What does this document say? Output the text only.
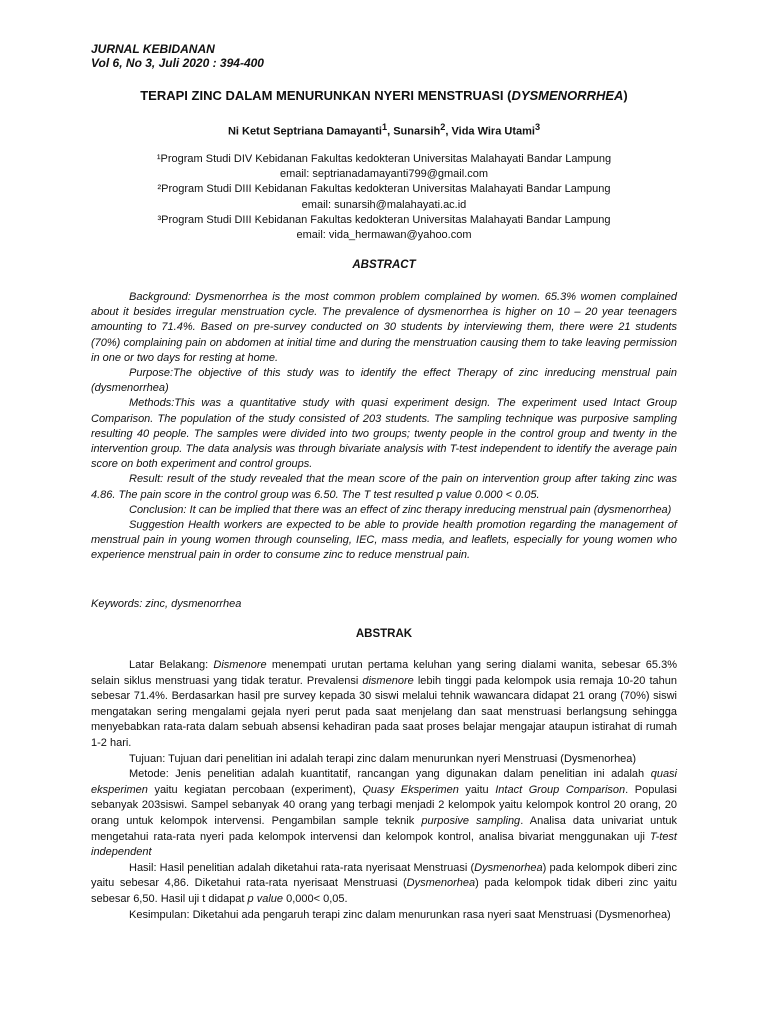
JURNAL KEBIDANAN
Vol 6, No 3, Juli 2020 : 394-400
TERAPI ZINC DALAM MENURUNKAN NYERI MENSTRUASI (DYSMENORRHEA)
Ni Ketut Septriana Damayanti$^1$, Sunarsih$^2$, Vida Wira Utami$^3$
¹Program Studi DIV Kebidanan Fakultas kedokteran Universitas Malahayati Bandar Lampung
email: septrianadamayanti799@gmail.com
²Program Studi DIII Kebidanan Fakultas kedokteran Universitas Malahayati Bandar Lampung
email: sunarsih@malahayati.ac.id
³Program Studi DIII Kebidanan Fakultas kedokteran Universitas Malahayati Bandar Lampung
email: vida_hermawan@yahoo.com
ABSTRACT

Background: Dysmenorrhea is the most common problem complained by women. 65.3% women complained about it besides irregular menstruation cycle. The prevalence of dysmenorrhea is higher on 10 – 20 year teenagers amounting to 71.4%. Based on pre-survey conducted on 30 students by interviewing them, there were 21 students (70%) complaining pain on abdomen at initial time and during the menstruation causing them to take leaving permission in one or two days for resting at home.

Purpose:The objective of this study was to identify the effect Therapy of zinc inreducing menstrual pain (dysmenorrhea)

Methods:This was a quantitative study with quasi experiment design. The experiment used Intact Group Comparison. The population of the study consisted of 203 students. The sampling technique was purposive sampling resulting 40 people. The samples were divided into two groups; twenty people in the control group and twenty in the intervention group. The data analysis was through bivariate analysis with T-test independent to identify the average pain score on both experiment and control groups.

Result: result of the study revealed that the mean score of the pain on intervention group after taking zinc was 4.86. The pain score in the control group was 6.50. The T test resulted p value 0.000 < 0.05.

Conclusion: It can be implied that there was an effect of zinc therapy inreducing menstrual pain (dysmenorrhea)

Suggestion Health workers are expected to be able to provide health promotion regarding the management of menstrual pain in young women through counseling, IEC, mass media, and leaflets, especially for young women who experience menstrual pain in order to consume zinc to reduce menstrual pain.

Keywords: zinc, dysmenorrhea
ABSTRAK

Latar Belakang: Dismenore menempati urutan pertama keluhan yang sering dialami wanita, sebesar 65.3% selain siklus menstruasi yang tidak teratur. Prevalensi dismenore lebih tinggi pada kelompok usia remaja 10-20 tahun sebesar 71.4%. Berdasarkan hasil pre survey kepada 30 siswi melalui tehnik wawancara didapat 21 orang (70%) siswi mengatakan sering mengalami gejala nyeri perut pada saat menjelang dan saat menstruasi berlangsung sehingga menyebabkan rata-rata dalam sebuah absensi kehadiran pada saat proses belajar mengajar ataupun istirahat di rumah 1-2 hari.

Tujuan: Tujuan dari penelitian ini adalah terapi zinc dalam menurunkan nyeri Menstruasi (Dysmenorhea)

Metode: Jenis penelitian adalah kuantitatif, rancangan yang digunakan dalam penelitian ini adalah quasi eksperimen yaitu kegiatan percobaan (experiment), Quasy Eksperimen yaitu Intact Group Comparison. Populasi sebanyak 203siswi. Sampel sebanyak 40 orang yang terbagi menjadi 2 kelompok yaitu kelompok kontrol 20 orang, 20 orang untuk kelompok intervensi. Pengambilan sample teknik purposive sampling. Analisa data univariat untuk mengetahui rata-rata nyeri pada kelompok intervensi dan kelompok kontrol, analisa bivariat menggunakan uji T-test independent

Hasil: Hasil penelitian adalah diketahui rata-rata nyerisaat Menstruasi (Dysmenorhea) pada kelompok diberi zinc yaitu sebesar 4,86. Diketahui rata-rata nyerisaat Menstruasi (Dysmenorhea) pada kelompok tidak diberi zinc yaitu sebesar 6,50. Hasil uji t didapat p value 0,000< 0,05.

Kesimpulan: Diketahui ada pengaruh terapi zinc dalam menurunkan rasa nyeri saat Menstruasi (Dysmenorhea)
